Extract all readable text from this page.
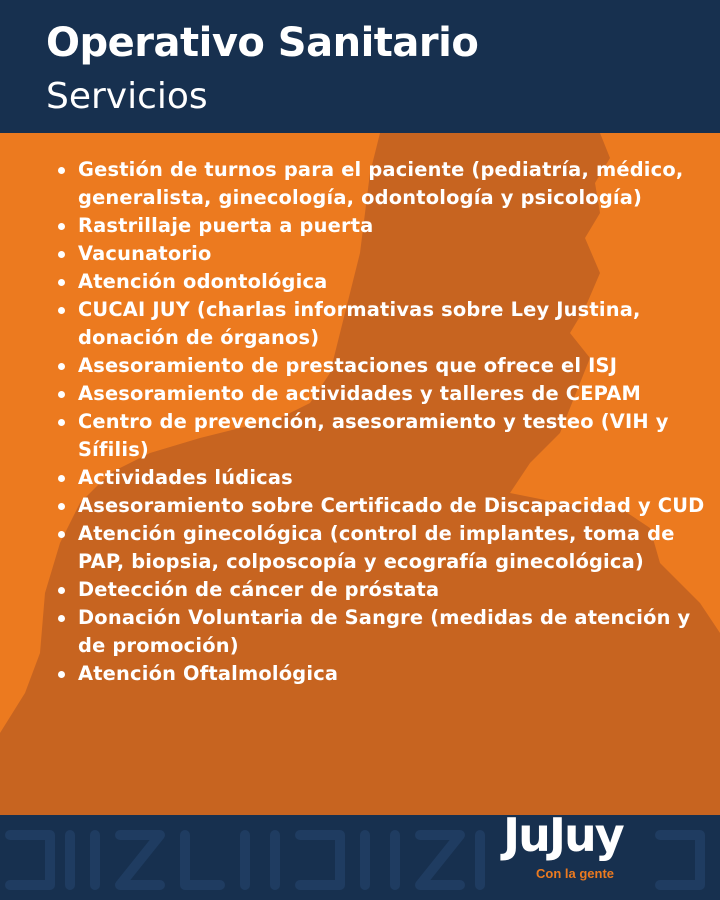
Operativo Sanitario
Servicios
Gestión de turnos para el paciente (pediatría, médico, generalista, ginecología, odontología y psicología)
Rastrillaje puerta a puerta
Vacunatorio
Atención odontológica
CUCAI JUY (charlas informativas sobre Ley Justina, donación de órganos)
Asesoramiento de prestaciones que ofrece el ISJ
Asesoramiento de actividades y talleres de CEPAM
Centro de prevención, asesoramiento y testeo (VIH y Sífilis)
Actividades lúdicas
Asesoramiento sobre Certificado de Discapacidad y CUD
Atención ginecológica (control de implantes, toma de PAP, biopsia, colposcopía y ecografía ginecológica)
Detección de cáncer de próstata
Donación Voluntaria de Sangre (medidas de atención y de promoción)
Atención Oftalmológica
JuJuy
Con la gente
